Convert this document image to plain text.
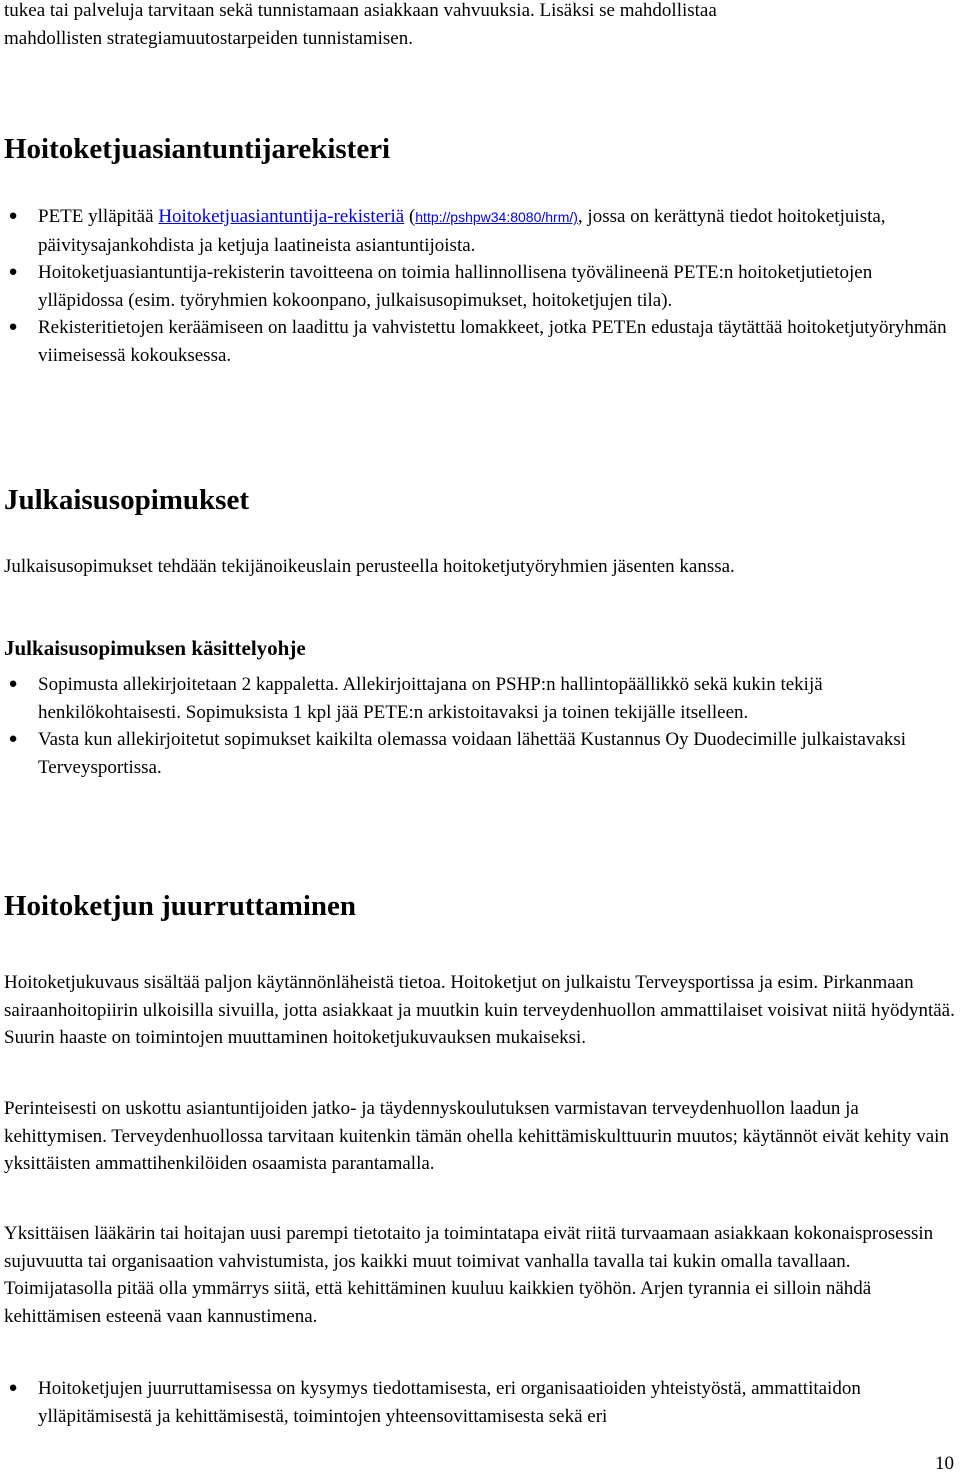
tukea tai palveluja tarvitaan sekä tunnistamaan asiakkaan vahvuuksia. Lisäksi se mahdollistaa

mahdollisten strategiamuutostarpeiden tunnistamisen.

Hoitoketjuasiantuntijarekisteri
● PETE ylläpitää Hoitoketjuasiantuntija-rekisteriä (http://pshpw34:8080/hrm/), jossa on kerättynä tiedot hoitoketjuista, päivitysajankohdista ja ketjuja laatineista asiantuntijoista.
● Hoitoketjuasiantuntija-rekisterin tavoitteena on toimia hallinnollisena työvälineenä PETE:n hoitoketjutietojen ylläpidossa (esim. työryhmien kokoonpano, julkaisusopimukset, hoitoketjujen tila).
● Rekisteritietojen keräämiseen on laadittu ja vahvistettu lomakkeet, jotka PETEn edustaja täytättää hoitoketjutyöryhmän viimeisessä kokouksessa.
Julkaisusopimukset

Julkaisusopimukset tehdään tekijänoikeuslain perusteella hoitoketjutyöryhmien jäsenten kanssa.

Julkaisusopimuksen käsittelyohje
● Sopimusta allekirjoitetaan 2 kappaletta. Allekirjoittajana on PSHP:n hallintopäällikkö sekä kukin tekijä henkilökohtaisesti. Sopimuksista 1 kpl jää PETE:n arkistoitavaksi ja toinen tekijälle itselleen.
● Vasta kun allekirjoitetut sopimukset kaikilta olemassa voidaan lähettää Kustannus Oy Duodecimille julkaistavaksi Terveysportissa.
Hoitoketjun juurruttaminen

Hoitoketjukuvaus sisältää paljon käytännönläheistä tietoa. Hoitoketjut on julkaistu Terveysportissa ja esim. Pirkanmaan sairaanhoitopiirin ulkoisilla sivuilla, jotta asiakkaat ja muutkin kuin terveydenhuollon ammattilaiset voisivat niitä hyödyntää. Suurin haaste on toimintojen muuttaminen hoitoketjukuvauksen mukaiseksi.

Perinteisesti on uskottu asiantuntijoiden jatko- ja täydennyskoulutuksen varmistavan terveydenhuollon laadun ja kehittymisen. Terveydenhuollossa tarvitaan kuitenkin tämän ohella kehittämiskulttuurin muutos; käytännöt eivät kehity vain yksittäisten ammattihenkilöiden osaamista parantamalla.

Yksittäisen lääkärin tai hoitajan uusi parempi tietotaito ja toimintatapa eivät riitä turvaamaan asiakkaan kokonaisprosessin sujuvuutta tai organisaation vahvistumista, jos kaikki muut toimivat vanhalla tavalla tai kukin omalla tavallaan. Toimijatasolla pitää olla ymmärrys siitä, että kehittäminen kuuluu kaikkien työhön. Arjen tyrannia ei silloin nähdä kehittämisen esteenä vaan kannustimena.

● Hoitoketjujen juurruttamisessa on kysymys tiedottamisesta, eri organisaatioiden yhteistyöstä, ammattitaidon ylläpitämisestä ja kehittämisestä, toimintojen yhteensovittamisesta sekä eri
10
